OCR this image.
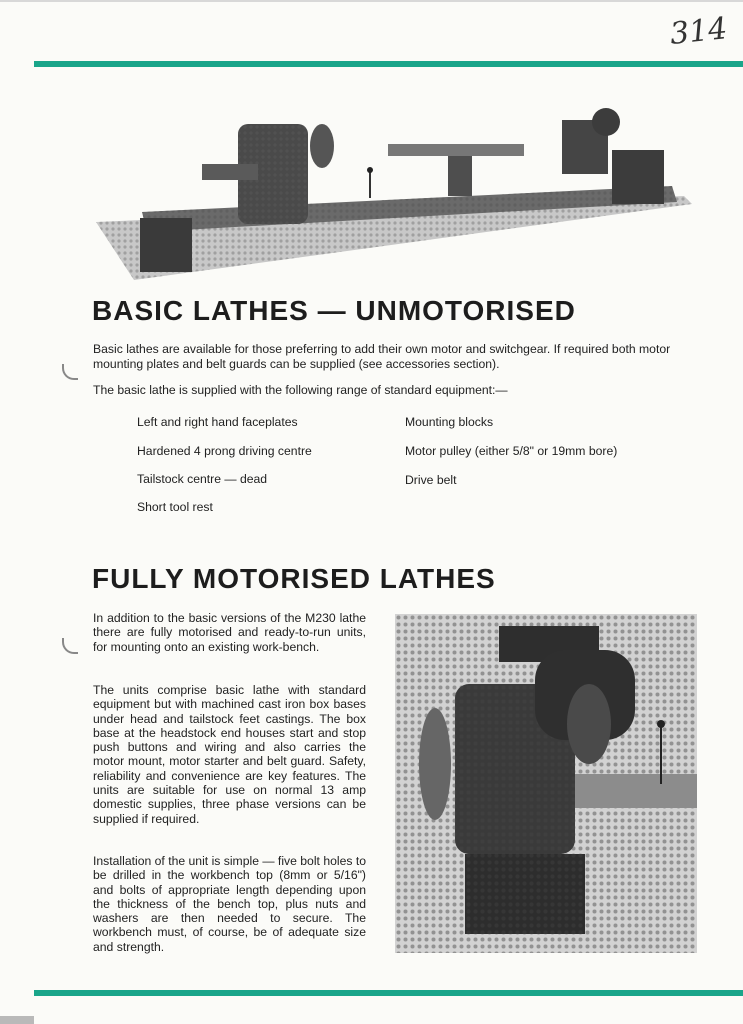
314
BASIC LATHES — UNMOTORISED

Basic lathes are available for those preferring to add their own motor and switchgear. If required both motor mounting plates and belt guards can be supplied (see accessories section).

The basic lathe is supplied with the following range of standard equipment:—

Left and right hand faceplates
Hardened 4 prong driving centre
Tailstock centre — dead
Short tool rest
Mounting blocks
Motor pulley (either 5/8" or 19mm bore)
Drive belt
FULLY MOTORISED LATHES

In addition to the basic versions of the M230 lathe there are fully motorised and ready-to-run units, for mounting onto an existing work-bench.

The units comprise basic lathe with standard equipment but with machined cast iron box bases under head and tailstock feet castings. The box base at the headstock end houses start and stop push buttons and wiring and also carries the motor mount, motor starter and belt guard. Safety, reliability and convenience are key features. The units are suitable for use on normal 13 amp domestic supplies, three phase versions can be supplied if required.

Installation of the unit is simple — five bolt holes to be drilled in the workbench top (8mm or 5/16") and bolts of appropriate length depending upon the thickness of the bench top, plus nuts and washers are then needed to secure. The workbench must, of course, be of adequate size and strength.
